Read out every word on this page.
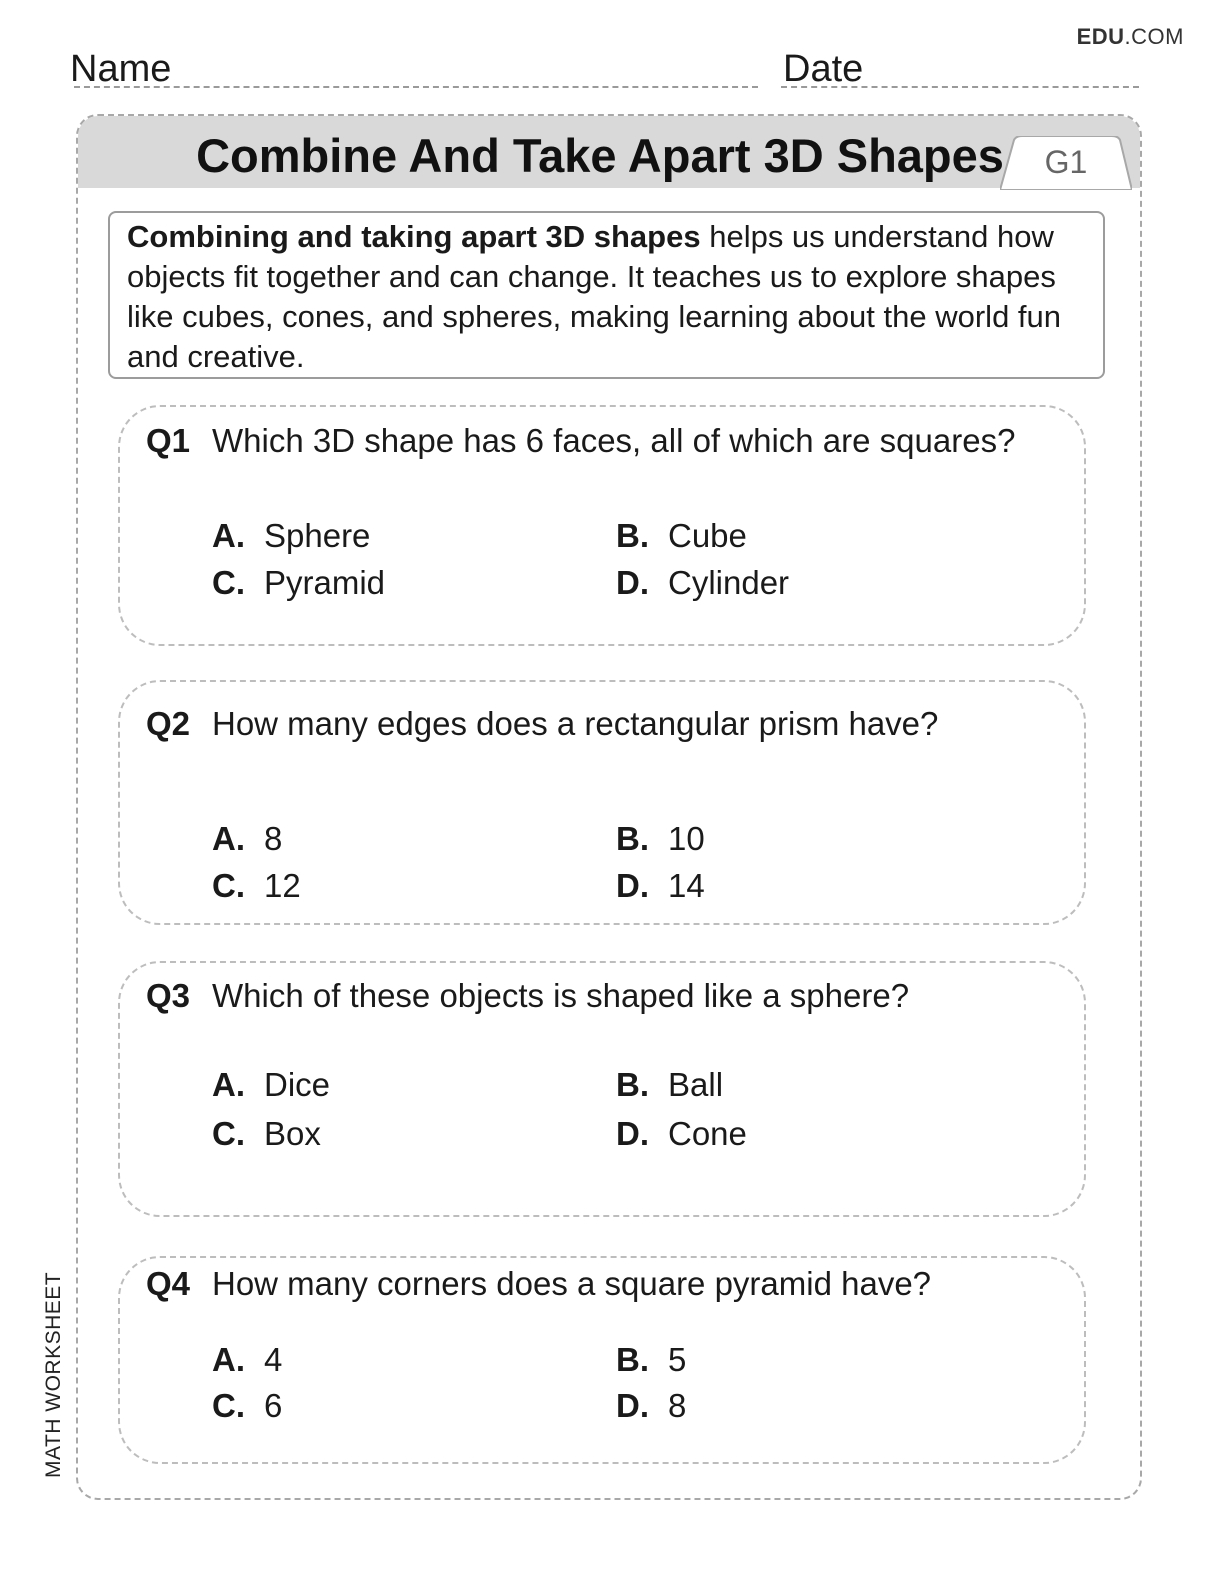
EDU.COM
Name	Date
Combine And Take Apart 3D Shapes	G1
MATH WORKSHEET
Combining and taking apart 3D shapes helps us understand how objects fit together and can change. It teaches us to explore shapes like cubes, cones, and spheres, making learning about the world fun and creative.
Q1 Which 3D shape has 6 faces, all of which are squares?
A. Sphere	B. Cube
C. Pyramid	D. Cylinder
Q2 How many edges does a rectangular prism have?
A. 8	B. 10
C. 12	D. 14
Q3 Which of these objects is shaped like a sphere?
A. Dice	B. Ball
C. Box	D. Cone
Q4 How many corners does a square pyramid have?
A. 4	B. 5
C. 6	D. 8
